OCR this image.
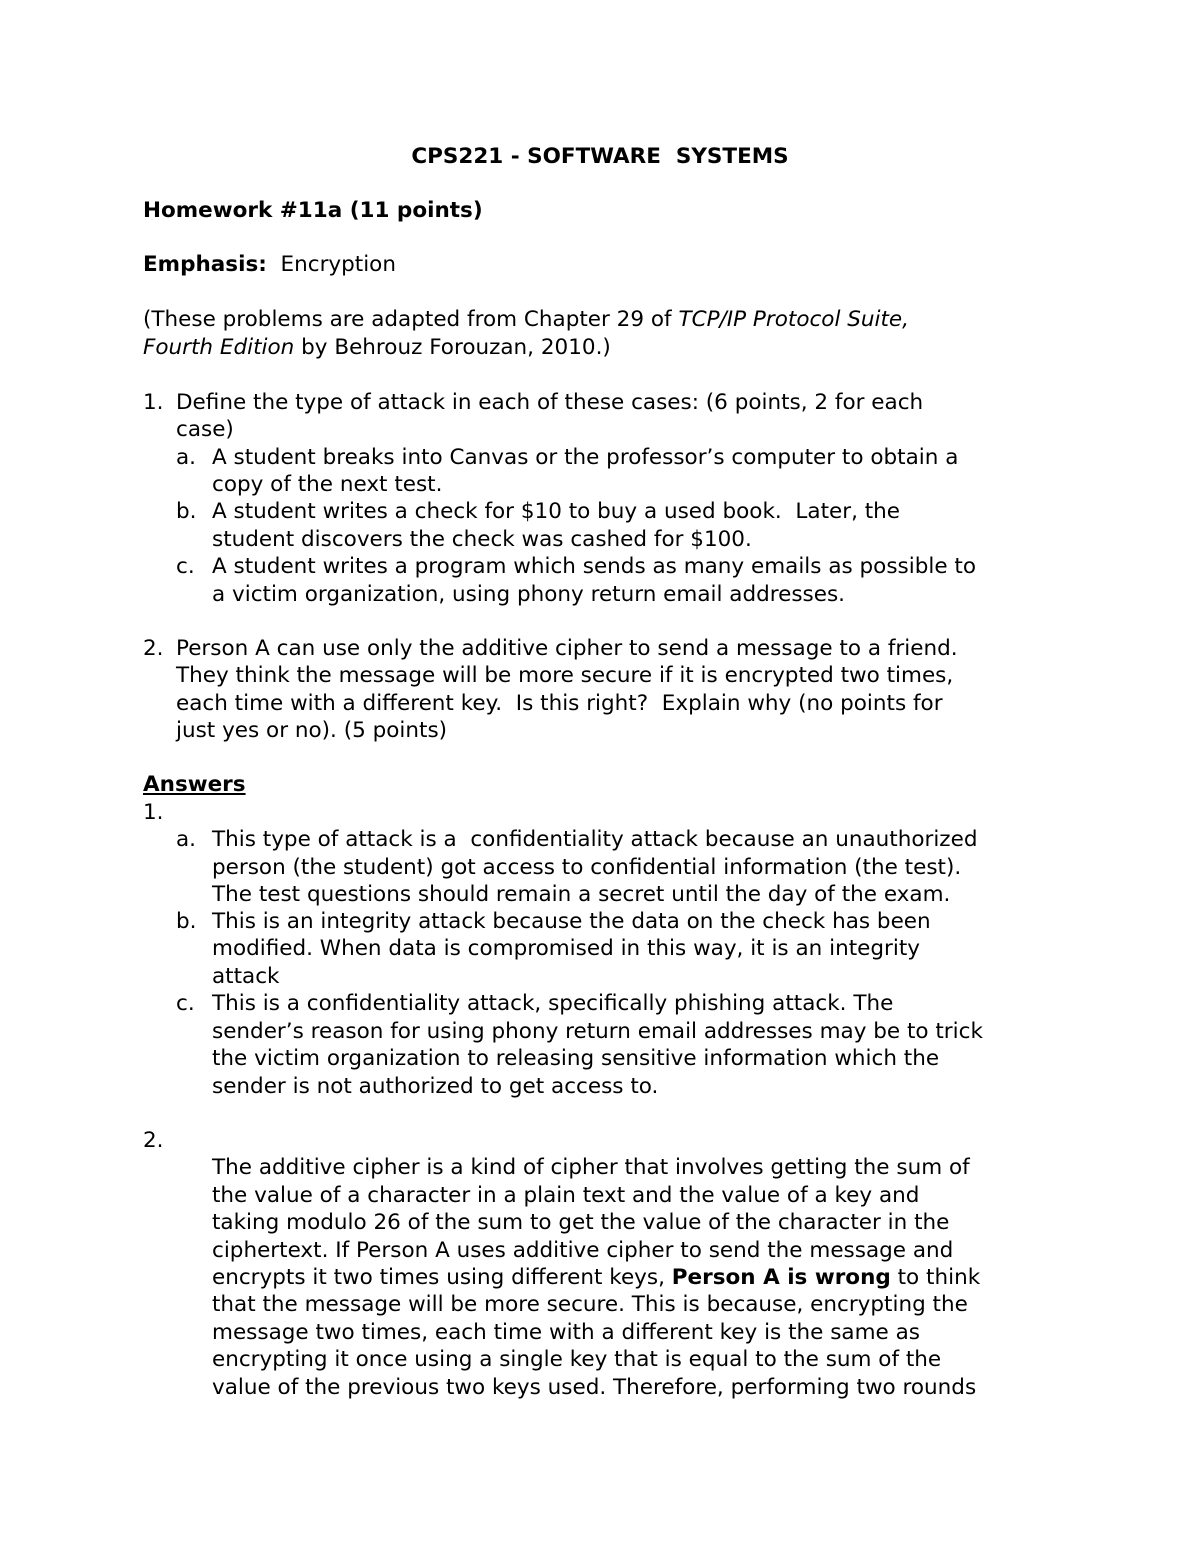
CPS221 - SOFTWARE  SYSTEMS
Homework #11a (11 points)
Emphasis: Encryption
(These problems are adapted from Chapter 29 of TCP/IP Protocol Suite,
Fourth Edition by Behrouz Forouzan, 2010.)
1. Define the type of attack in each of these cases: (6 points, 2 for each
case)
a. A student breaks into Canvas or the professor’s computer to obtain a
copy of the next test.
b. A student writes a check for $10 to buy a used book.  Later, the
student discovers the check was cashed for $100.
c. A student writes a program which sends as many emails as possible to
a victim organization, using phony return email addresses.
2. Person A can use only the additive cipher to send a message to a friend.
They think the message will be more secure if it is encrypted two times,
each time with a different key.  Is this right?  Explain why (no points for
just yes or no). (5 points)
Answers
1.
a. This type of attack is a  confidentiality attack because an unauthorized
person (the student) got access to confidential information (the test).
The test questions should remain a secret until the day of the exam.
b. This is an integrity attack because the data on the check has been
modified. When data is compromised in this way, it is an integrity
attack
c. This is a confidentiality attack, specifically phishing attack. The
sender’s reason for using phony return email addresses may be to trick
the victim organization to releasing sensitive information which the
sender is not authorized to get access to.
2.
The additive cipher is a kind of cipher that involves getting the sum of
the value of a character in a plain text and the value of a key and
taking modulo 26 of the sum to get the value of the character in the
ciphertext. If Person A uses additive cipher to send the message and
encrypts it two times using different keys, Person A is wrong to think
that the message will be more secure. This is because, encrypting the
message two times, each time with a different key is the same as
encrypting it once using a single key that is equal to the sum of the
value of the previous two keys used. Therefore, performing two rounds
